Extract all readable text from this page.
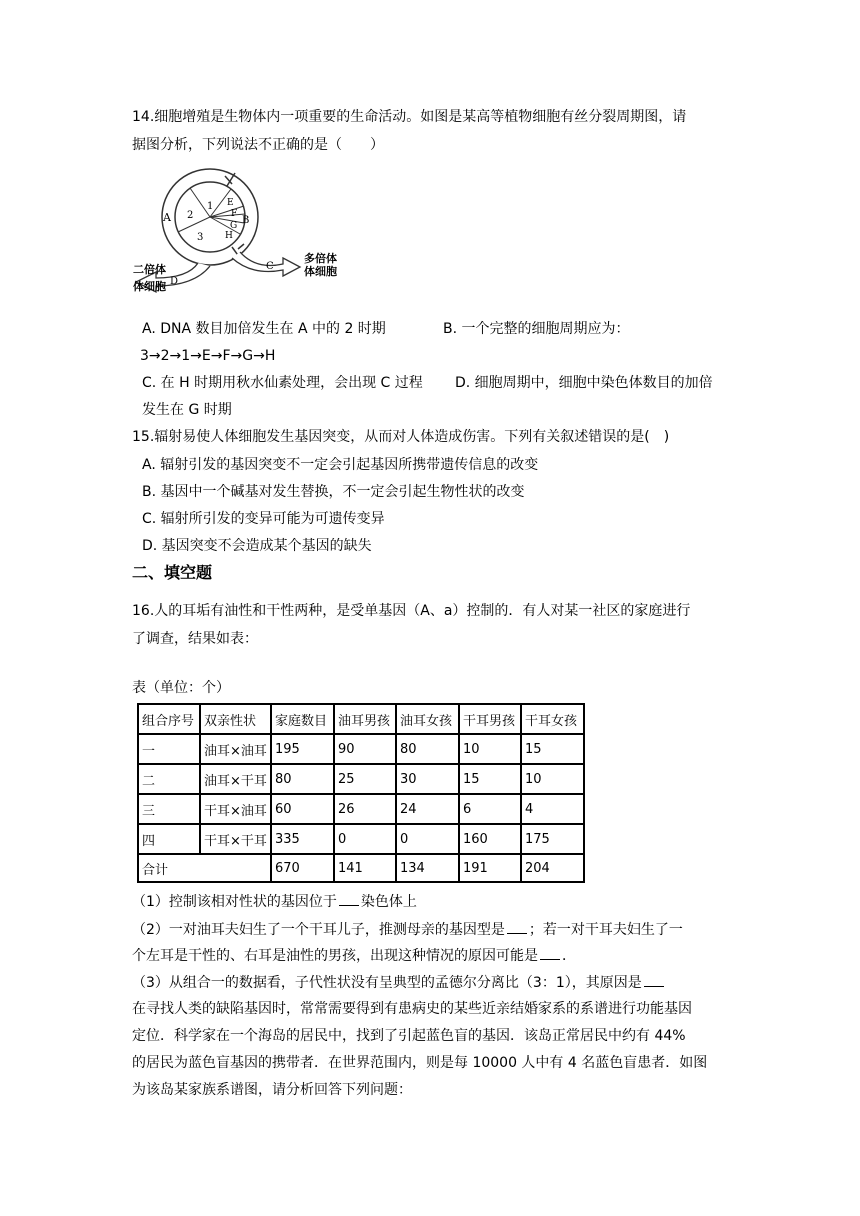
14.细胞增殖是生物体内一项重要的生命活动。如图是某高等植物细胞有丝分裂周期图，请
据图分析，下列说法不正确的是（　　）
A	B
C
D
1
2
3
E
F
G
H
多倍体
体细胞
二倍体
体细胞
A. DNA 数目加倍发生在 A 中的 2 时期	B. 一个完整的细胞周期应为：
3→2→1→E→F→G→H
C. 在 H 时期用秋水仙素处理，会出现 C 过程 D. 细胞周期中，细胞中染色体数目的加倍
发生在 G 时期
15.辐射易使人体细胞发生基因突变，从而对人体造成伤害。下列有关叙述错误的是(　)
A. 辐射引发的基因突变不一定会引起基因所携带遗传信息的改变
B. 基因中一个碱基对发生替换，不一定会引起生物性状的改变
C. 辐射所引发的变异可能为可遗传变异
D. 基因突变不会造成某个基因的缺失
二、填空题
16.人的耳垢有油性和干性两种，是受单基因（A、a）控制的．有人对某一社区的家庭进行
了调查，结果如表：
表（单位：个）
组合序号	双亲性状	家庭数目	油耳男孩	油耳女孩	干耳男孩	干耳女孩
一	油耳×油耳	195	90	80	10	15
二	油耳×干耳	80	25	30	15	10
三	干耳×油耳	60	26	24	6	4
四	干耳×干耳	335	0	0	160	175
合计		670	141	134	191	204
（1）控制该相对性状的基因位于 染色体上
（2）一对油耳夫妇生了一个干耳儿子，推测母亲的基因型是 ；若一对干耳夫妇生了一
个左耳是干性的、右耳是油性的男孩，出现这种情况的原因可能是 ．
（3）从组合一的数据看，子代性状没有呈典型的孟德尔分离比（3：1），其原因是
在寻找人类的缺陷基因时，常常需要得到有患病史的某些近亲结婚家系的系谱进行功能基因
定位．科学家在一个海岛的居民中，找到了引起蓝色盲的基因．该岛正常居民中约有 44%
的居民为蓝色盲基因的携带者．在世界范围内，则是每 10000 人中有 4 名蓝色盲患者．如图
为该岛某家族系谱图，请分析回答下列问题：
